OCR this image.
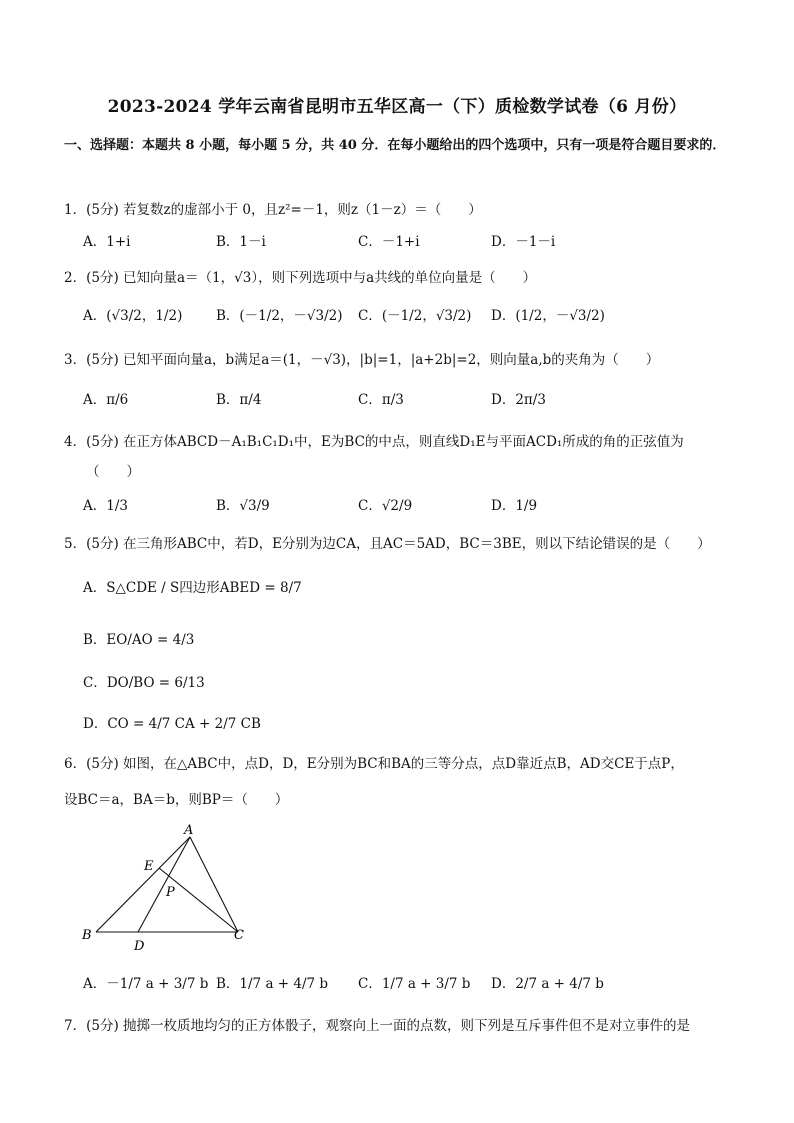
2023-2024 学年云南省昆明市五华区高一（下）质检数学试卷（6 月份）
一、选择题：本题共 8 小题，每小题 5 分，共 40 分．在每小题给出的四个选项中，只有一项是符合题目要求的．
1．(5分) 若复数z的虚部小于 0，且z²=－1，则z（1－z）＝（　　）
A．1+i	B．1－i	C．－1+i	D．－1－i
2．(5分) 已知向量a＝（1，√3），则下列选项中与a共线的单位向量是（　　）
A．(√3/2，1/2) B．(－1/2，－√3/2) C．(－1/2，√3/2) D．(1/2，－√3/2)
3．(5分) 已知平面向量a，b满足a＝(1，－√3)，|b|=1，|a+2b|=2，则向量a,b的夹角为（　　）
A．π/6	B．π/4	C．π/3	D．2π/3
4．(5分) 在正方体ABCD－A₁B₁C₁D₁中，E为BC的中点，则直线D₁E与平面ACD₁所成的角的正弦值为
（　　）
A．1/3	B．√3/9	C．√2/9	D．1/9
5．(5分) 在三角形ABC中，若D，E分别为边CA，且AC＝5AD，BC＝3BE，则以下结论错误的是（　　）
A．S△CDE / S四边形ABED = 8/7
B．EO/AO = 4/3
C．DO/BO = 6/13
D．CO = 4/7 CA + 2/7 CB
6．(5分) 如图，在△ABC中，点D，D，E分别为BC和BA的三等分点，点D靠近点B，AD交CE于点P，
设BC＝a，BA＝b，则BP＝（　　）
A
E
P
B
D
C
A．－1/7 a + 3/7 b B．1/7 a + 4/7 b C．1/7 a + 3/7 b D．2/7 a + 4/7 b
7．(5分) 抛掷一枚质地均匀的正方体骰子，观察向上一面的点数，则下列是互斥事件但不是对立事件的是
